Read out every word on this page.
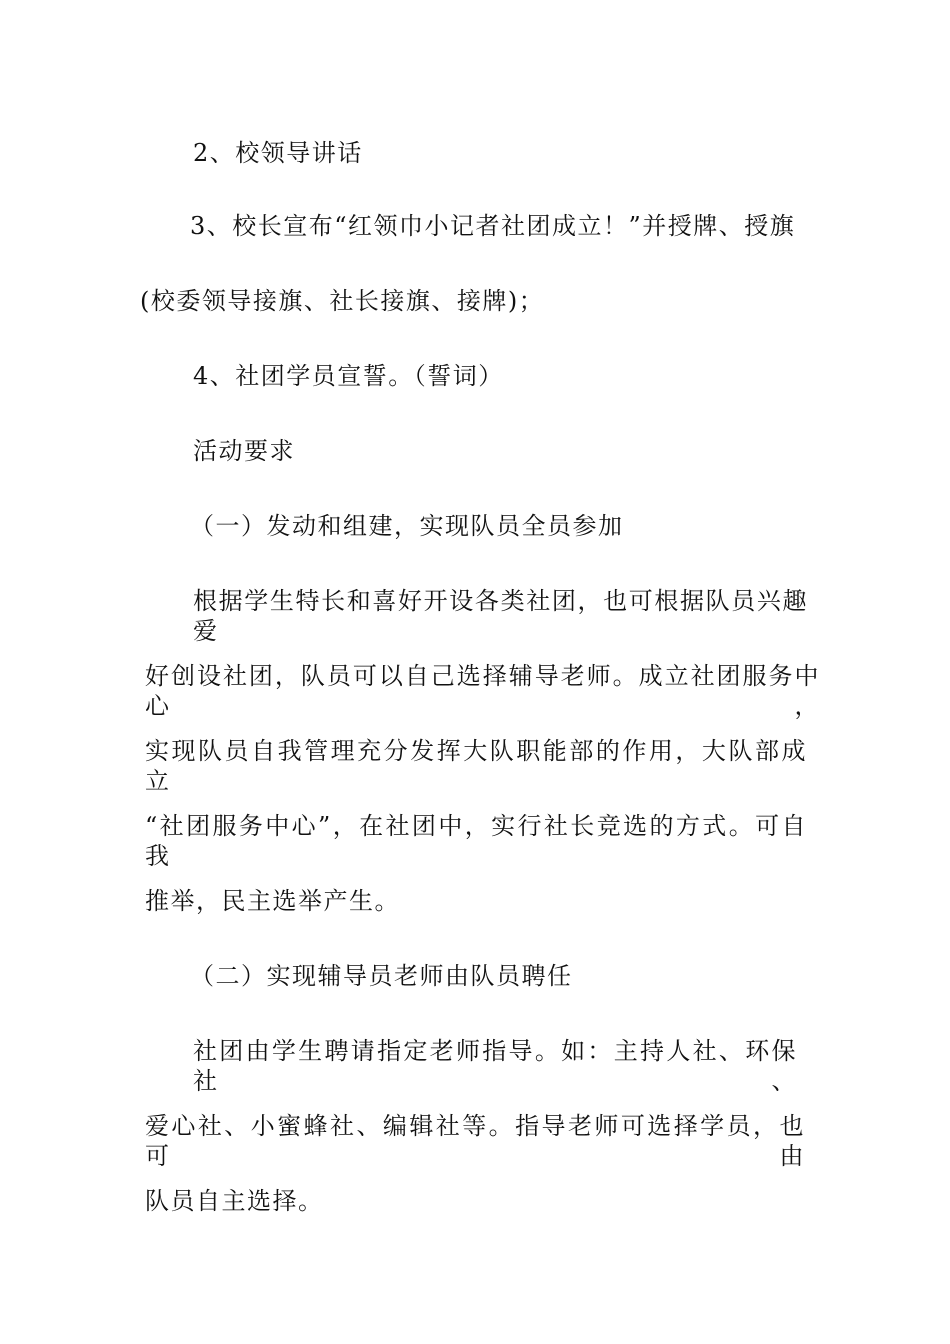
2、校领导讲话
3、校长宣布“红领巾小记者社团成立！”并授牌、授旗
(校委领导接旗、社长接旗、接牌)；
4、社团学员宣誓。（誓词）
活动要求
（一）发动和组建，实现队员全员参加
根据学生特长和喜好开设各类社团，也可根据队员兴趣爱
好创设社团，队员可以自己选择辅导老师。成立社团服务中心，
实现队员自我管理充分发挥大队职能部的作用，大队部成立
“社团服务中心”，在社团中，实行社长竞选的方式。可自我
推举，民主选举产生。
（二）实现辅导员老师由队员聘任
社团由学生聘请指定老师指导。如：主持人社、环保社、
爱心社、小蜜蜂社、编辑社等。指导老师可选择学员，也可由
队员自主选择。
